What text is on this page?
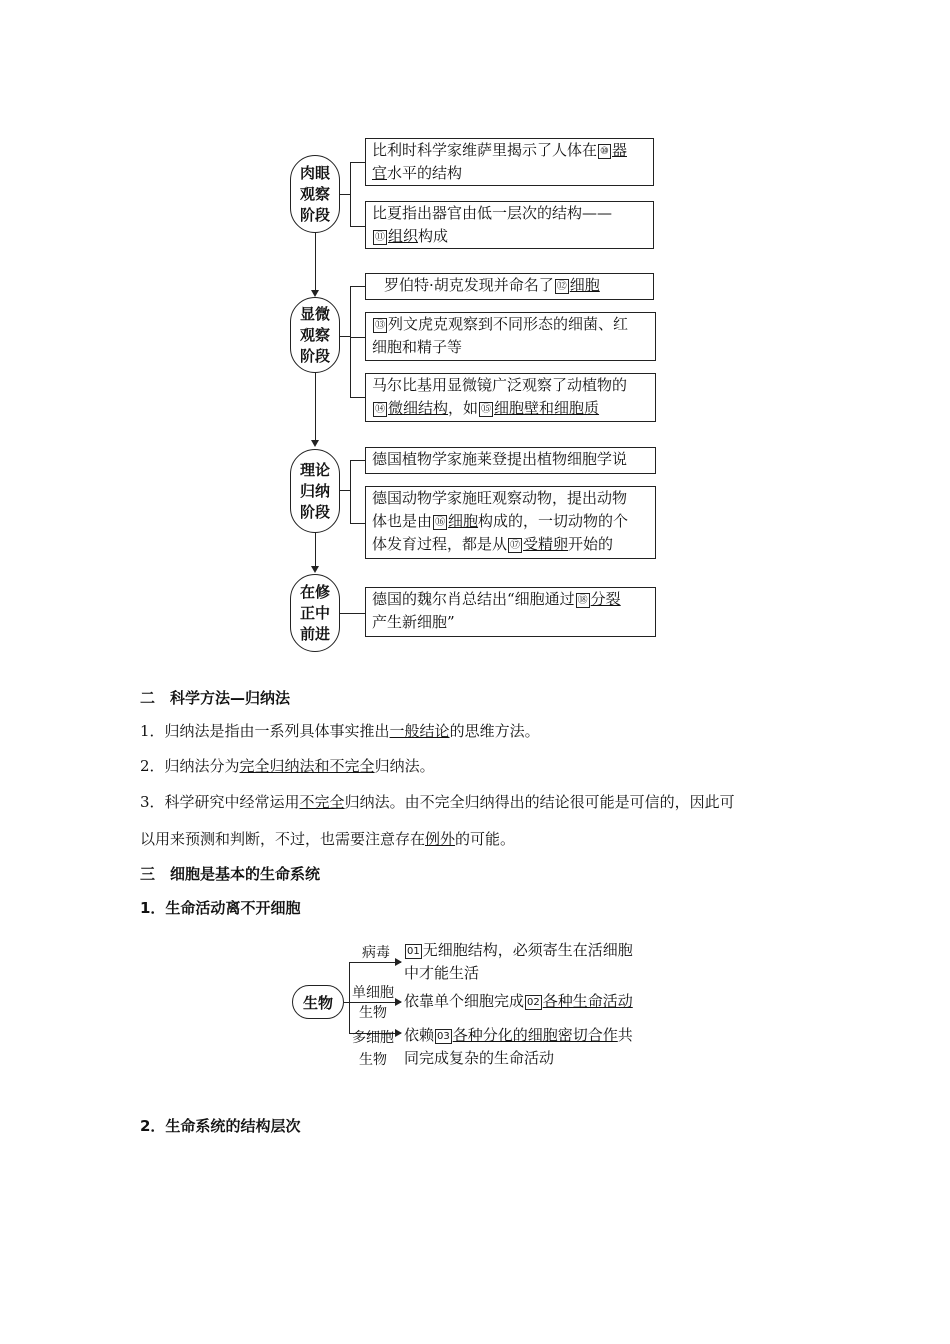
肉眼
观察
阶段
比利时科学家维萨里揭示了人体在 ⑩ 器
官水平的结构
比夏指出器官由低一层次的结构——
⑪ 组织构成
显微
观察
阶段
罗伯特·胡克发现并命名了 ⑫ 细胞
⑬ 列文虎克观察到不同形态的细菌、红
细胞和精子等
马尔比基用显微镜广泛观察了动植物的
⑭ 微细结构，如 ⑮ 细胞壁和细胞质
理论
归纳
阶段
德国植物学家施莱登提出植物细胞学说
德国动物学家施旺观察动物，提出动物
体也是由 ⑯ 细胞构成的，一切动物的个
体发育过程，都是从 ⑰ 受精卵开始的
在修
正中
前进
德国的魏尔肖总结出“细胞通过 ⑱ 分裂
产生新细胞”
二　科学方法—归纳法
1．归纳法是指由一系列具体事实推出一般结论的思维方法。
2．归纳法分为完全归纳法和不完全归纳法。
3．科学研究中经常运用不完全归纳法。由不完全归纳得出的结论很可能是可信的，因此可
以用来预测和判断，不过，也需要注意存在例外的可能。
三　细胞是基本的生命系统
1．生命活动离不开细胞
生物
病毒
单细胞
生物
多细胞
生物
01 无细胞结构，必须寄生在活细胞
中才能生活
依靠单个细胞完成 02 各种生命活动
依赖 03 各种分化的细胞密切合作共
同完成复杂的生命活动
2．生命系统的结构层次
